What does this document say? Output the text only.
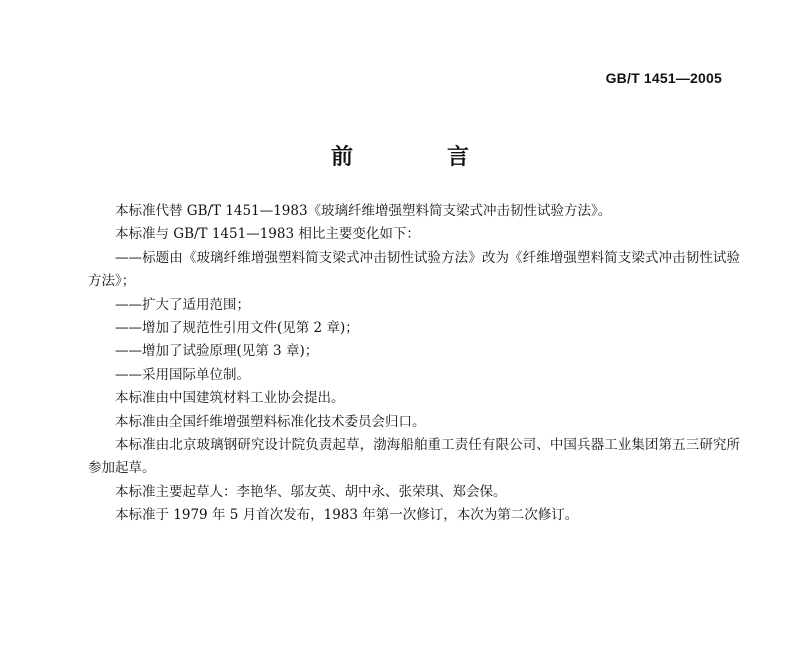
GB/T 1451—2005
前　言

本标准代替 GB/T 1451—1983《玻璃纤维增强塑料简支梁式冲击韧性试验方法》。

本标准与 GB/T 1451—1983 相比主要变化如下：

——标题由《玻璃纤维增强塑料简支梁式冲击韧性试验方法》改为《纤维增强塑料简支梁式冲击韧性试验方法》；

——扩大了适用范围；

——增加了规范性引用文件(见第 2 章)；

——增加了试验原理(见第 3 章)；

——采用国际单位制。

本标准由中国建筑材料工业协会提出。

本标准由全国纤维增强塑料标准化技术委员会归口。

本标准由北京玻璃钢研究设计院负责起草，渤海船舶重工责任有限公司、中国兵器工业集团第五三研究所参加起草。

本标准主要起草人：李艳华、邬友英、胡中永、张荣琪、郑会保。

本标准于 1979 年 5 月首次发布，1983 年第一次修订，本次为第二次修订。
